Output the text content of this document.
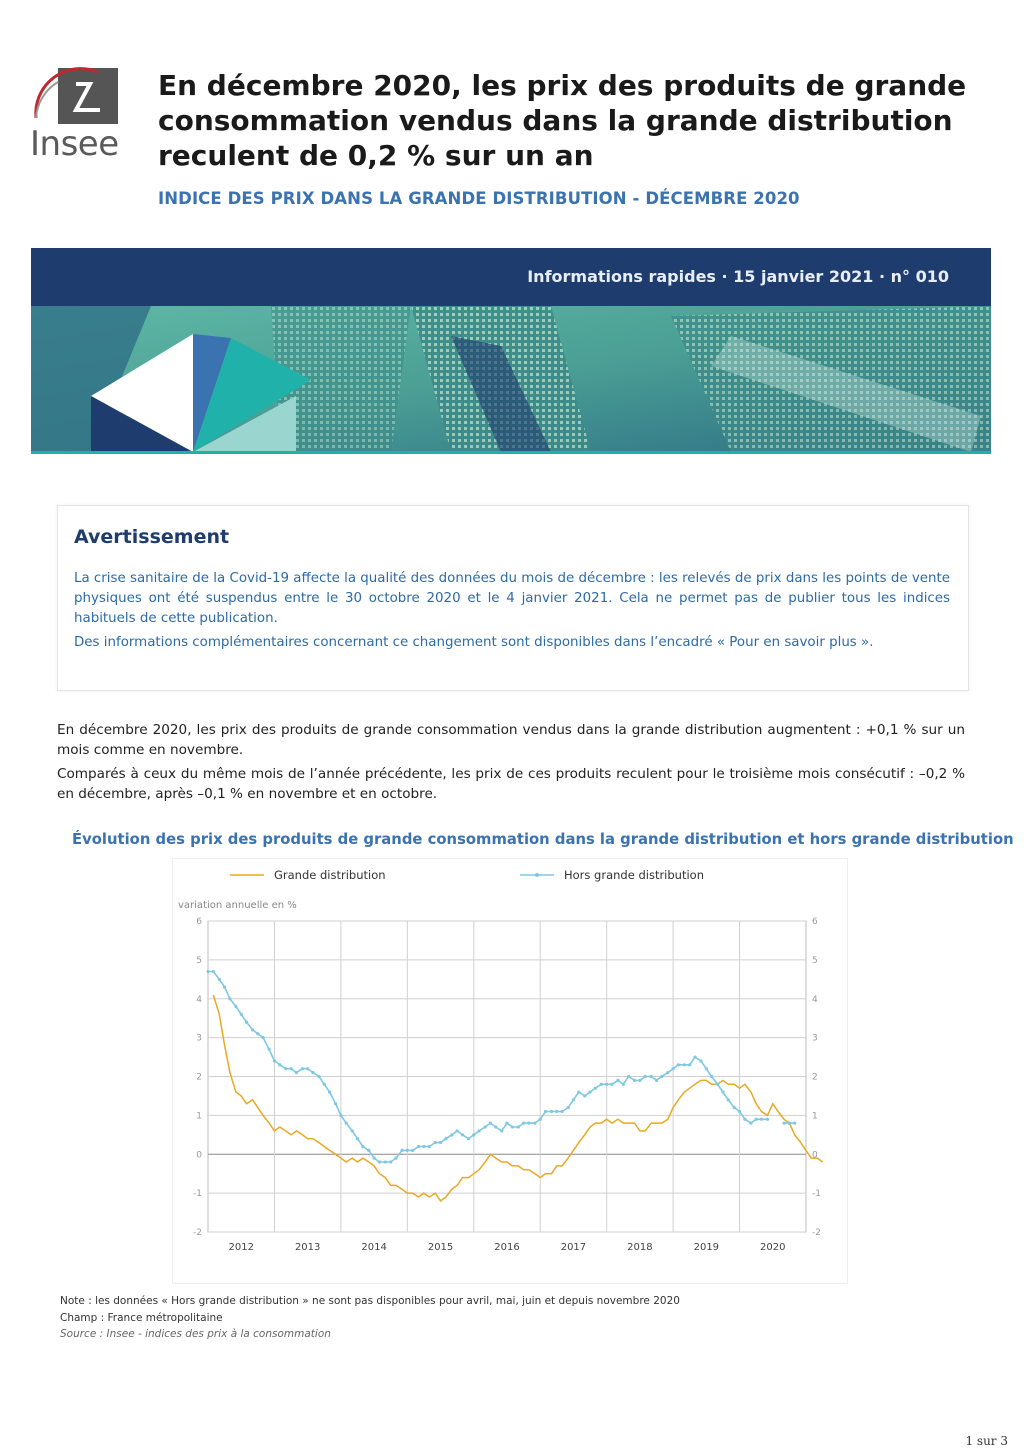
Insee
En décembre 2020, les prix des produits de grande consommation vendus dans la grande distribution reculent de 0,2 % sur un an
INDICE DES PRIX DANS LA GRANDE DISTRIBUTION - DÉCEMBRE 2020
Informations rapides · 15 janvier 2021 · n° 010
Avertissement
La crise sanitaire de la Covid-19 affecte la qualité des données du mois de décembre : les relevés de prix dans les points de vente physiques ont été suspendus entre le 30 octobre 2020 et le 4 janvier 2021. Cela ne permet pas de publier tous les indices habituels de cette publication.
Des informations complémentaires concernant ce changement sont disponibles dans l’encadré « Pour en savoir plus ».
En décembre 2020, les prix des produits de grande consommation vendus dans la grande distribution augmentent : +0,1 % sur un mois comme en novembre.
Comparés à ceux du même mois de l’année précédente, les prix de ces produits reculent pour le troisième mois consécutif : –0,2 % en décembre, après –0,1 % en novembre et en octobre.
Évolution des prix des produits de grande consommation dans la grande distribution et hors grande distribution
Grande distribution	Hors grande distribution
variation annuelle en %
-2	-2
-1	-1
0	0
1	1
2	2
3	3
4	4
5	5
6	6
2012	2013	2014	2015	2016	2017	2018	2019	2020
Note : les données « Hors grande distribution » ne sont pas disponibles pour avril, mai, juin et depuis novembre 2020
Champ : France métropolitaine
Source : Insee - indices des prix à la consommation
1 sur 3
